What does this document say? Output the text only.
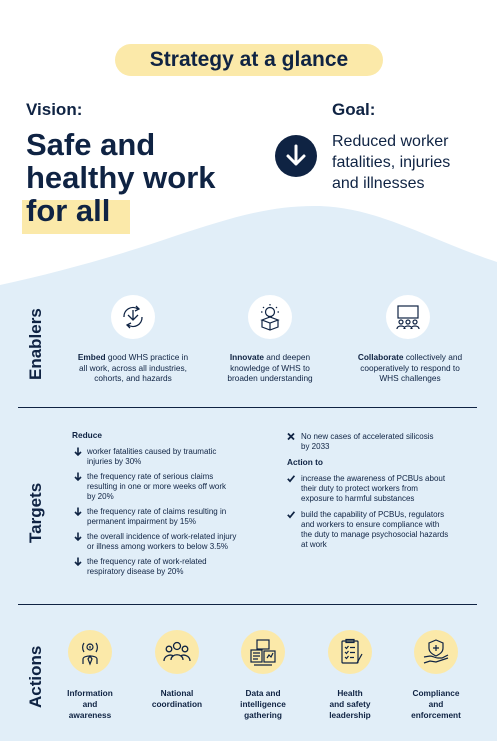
Strategy at a glance
Vision:
Safe and
healthy work
for all
Goal:
Reduced worker
fatalities, injuries
and illnesses
Enablers
Targets
Actions
Embed good WHS practice in
all work, across all industries,
cohorts, and hazards
Innovate and deepen
knowledge of WHS to
broaden understanding
Collaborate collectively and
cooperatively to respond to
WHS challenges
Reduce
worker fatalities caused by traumatic
injuries by 30%
the frequency rate of serious claims
resulting in one or more weeks off work
by 20%
the frequency rate of claims resulting in
permanent impairment by 15%
the overall incidence of work-related injury
or illness among workers to below 3.5%
the frequency rate of work-related
respiratory disease by 20%
No new cases of accelerated silicosis
by 2033
Action to
increase the awareness of PCBUs about
their duty to protect workers from
exposure to harmful substances
build the capability of PCBUs, regulators
and workers to ensure compliance with
the duty to manage psychosocial hazards
at work
Information
and
awareness
National
coordination
Data and
intelligence
gathering
Health
and safety
leadership
Compliance
and
enforcement
